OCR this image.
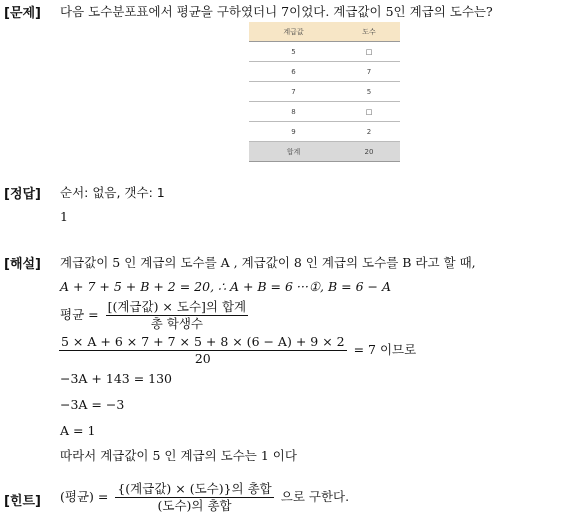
[문제] 다음 도수분포표에서 평균을 구하였더니 7이었다. 계급값이 5인 계급의 도수는?
계급값	도수
5	□
6	7
7	5
8	□
9	2
합계	20
[정답] 순서: 없음, 갯수: 1
1
[해설] 계급값이 5 인 계급의 도수를 A , 계급값이 8 인 계급의 도수를 B 라고 할 때,
A + 7 + 5 + B + 2 = 20, ∴ A + B = 6 ···①, B = 6 − A
평균 = $\frac{\text{[(계급값) × 도수]의 합계}}{\text{총 학생수}}$
$\frac{5 \times A + 6 \times 7 + 7 \times 5 + 8 \times (6 - A) + 9 \times 2}{20} = 7$ 이므로
−3A + 143 = 130
−3A = −3
A = 1
따라서 계급값이 5 인 계급의 도수는 1 이다
[힌트] (평균) = $\frac{\text{\{(계급값) × (도수)\}의 총합}}{\text{(도수)의 총합}}$ 으로 구한다.
